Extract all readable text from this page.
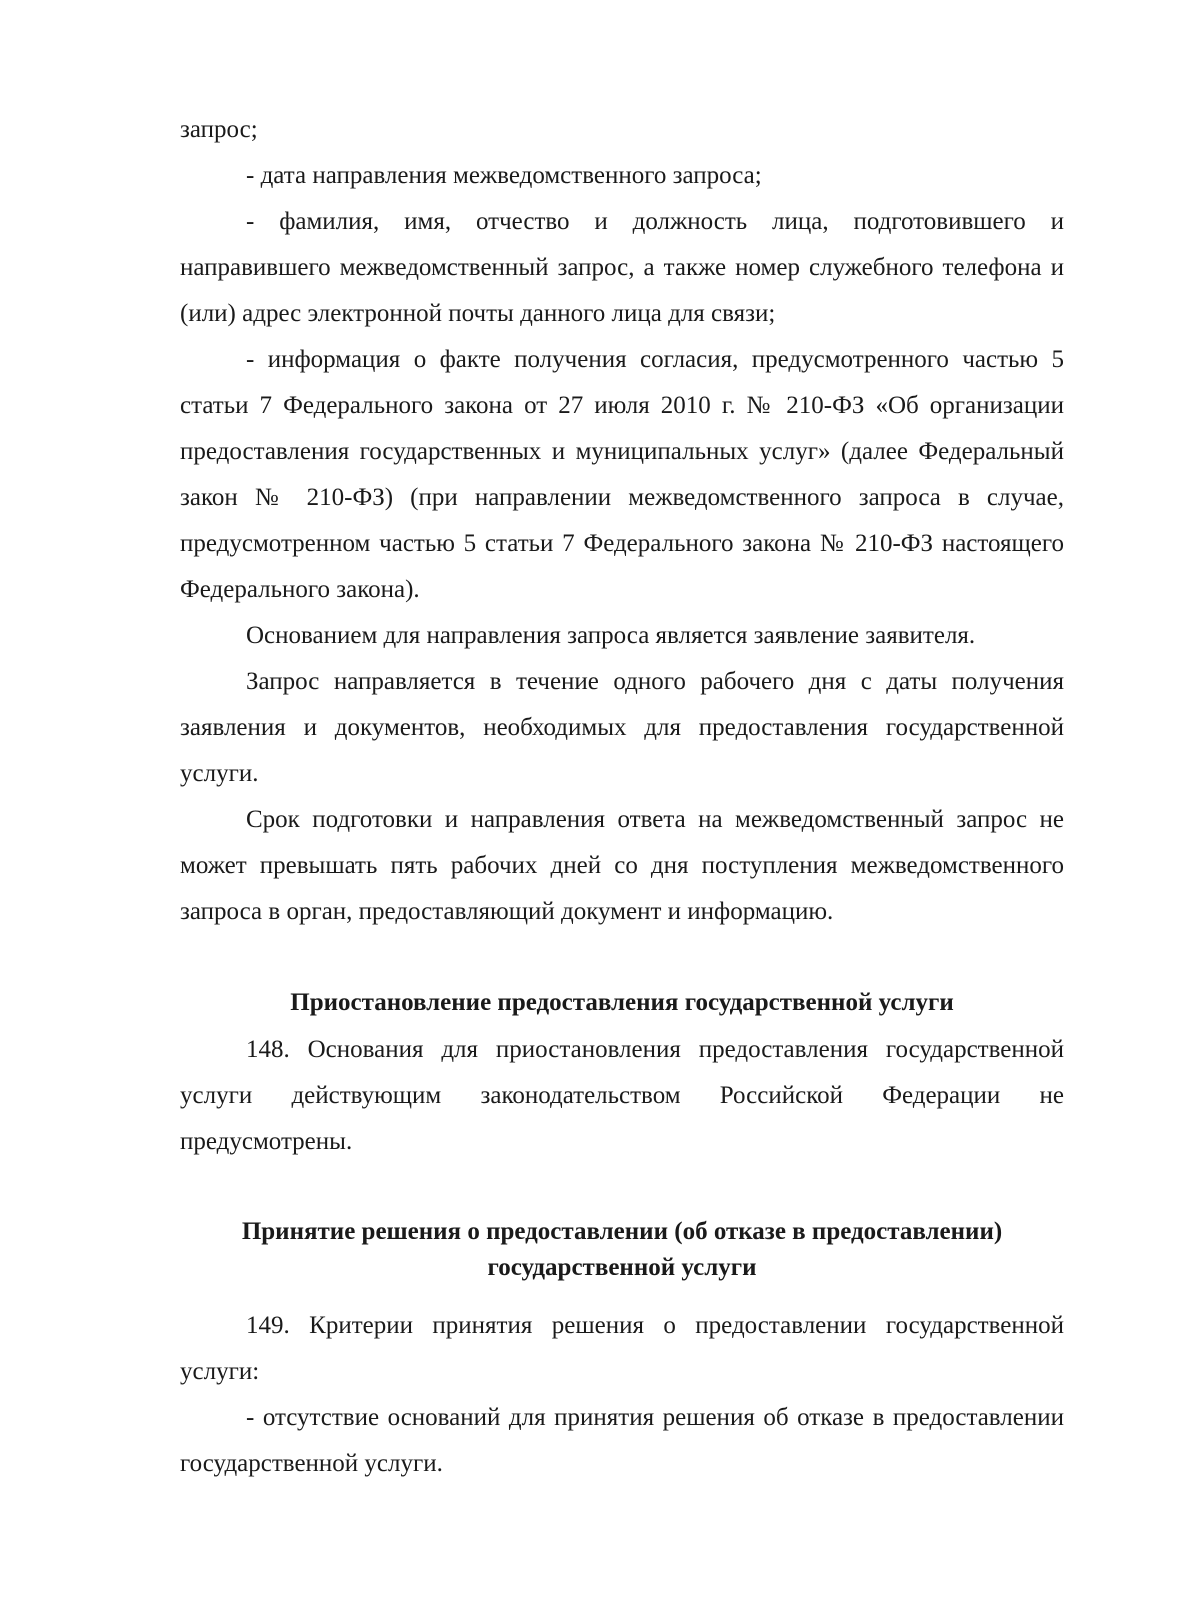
запрос;

- дата направления межведомственного запроса;

- фамилия, имя, отчество и должность лица, подготовившего и направившего межведомственный запрос, а также номер служебного телефона и (или) адрес электронной почты данного лица для связи;

- информация о факте получения согласия, предусмотренного частью 5 статьи 7 Федерального закона от 27 июля 2010 г. № 210-ФЗ «Об организации предоставления государственных и муниципальных услуг» (далее Федеральный закон № 210-ФЗ) (при направлении межведомственного запроса в случае, предусмотренном частью 5 статьи 7 Федерального закона № 210-ФЗ настоящего Федерального закона).

Основанием для направления запроса является заявление заявителя.

Запрос направляется в течение одного рабочего дня с даты получения заявления и документов, необходимых для предоставления государственной услуги.

Срок подготовки и направления ответа на межведомственный запрос не может превышать пять рабочих дней со дня поступления межведомственного запроса в орган, предоставляющий документ и информацию.

Приостановление предоставления государственной услуги

148. Основания для приостановления предоставления государственной услуги действующим законодательством Российской Федерации не предусмотрены.

Принятие решения о предоставлении (об отказе в предоставлении)
государственной услуги

149. Критерии принятия решения о предоставлении государственной услуги:

- отсутствие оснований для принятия решения об отказе в предоставлении государственной услуги.
